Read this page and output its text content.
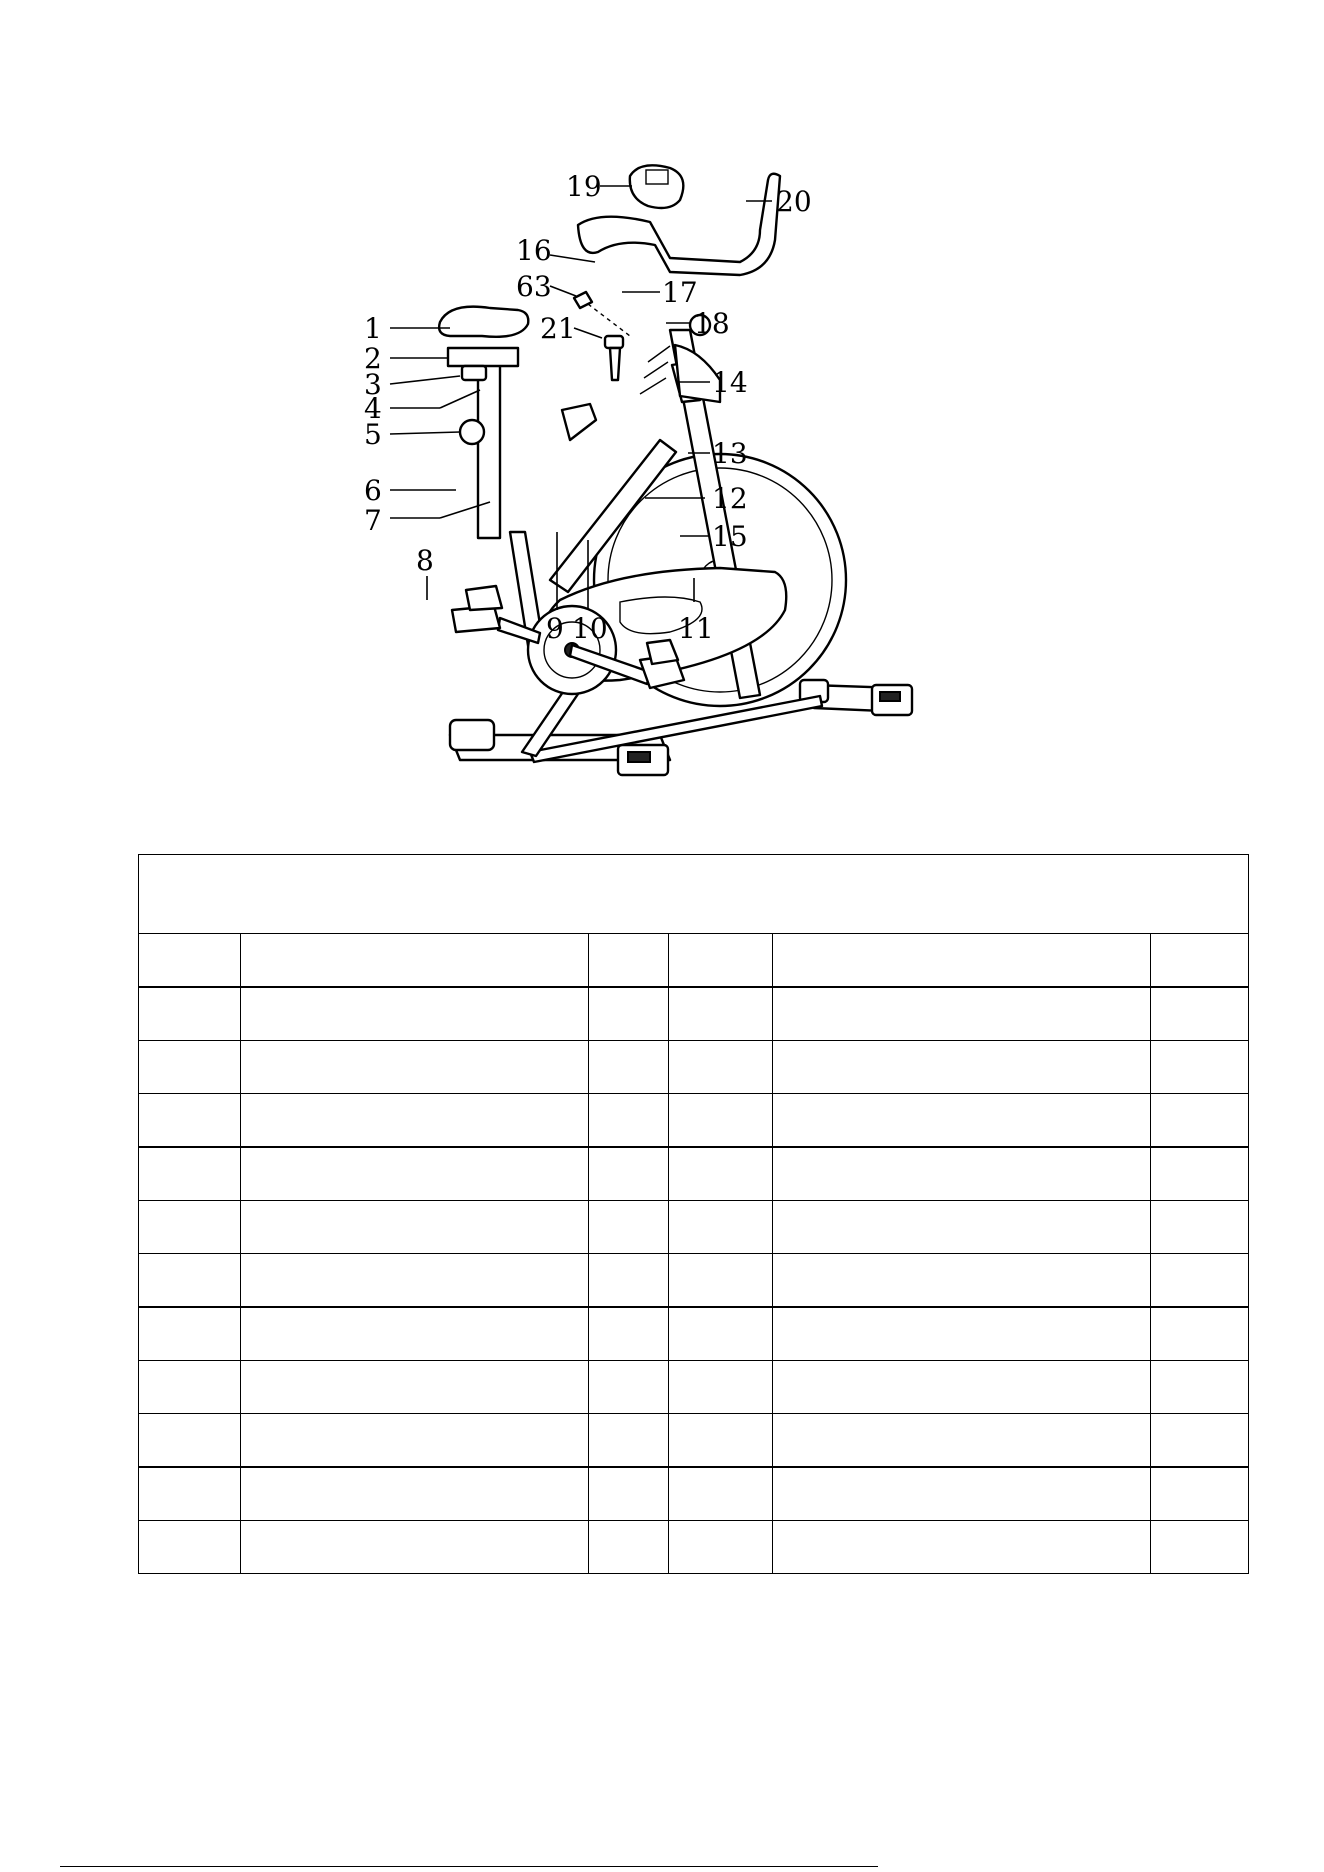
1
2
3
4
5
6
7
8
9 10	11
12
13
14
15
16
17
18
19	20
21
63
